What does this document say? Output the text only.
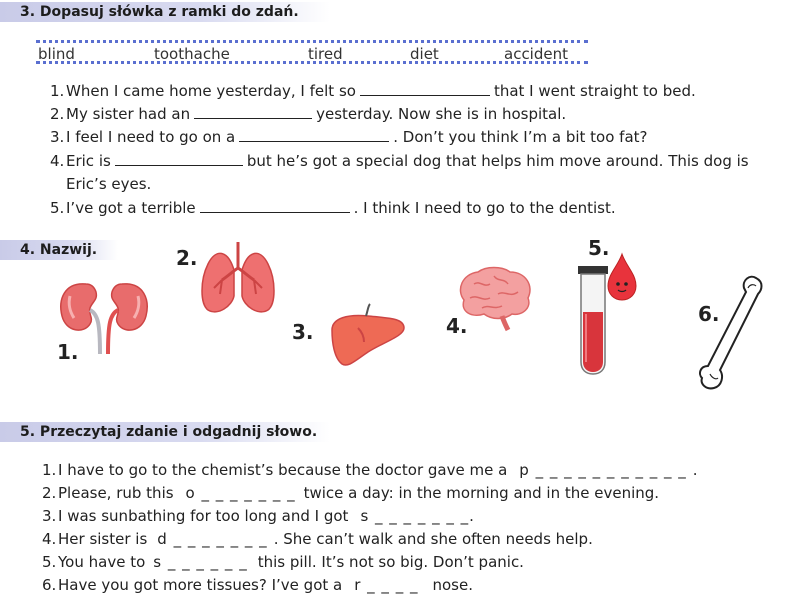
3. Dopasuj słówka z ramki do zdań.
blind	toothache	tired	diet	accident
1. When I came home yesterday, I felt so	that I went straight to bed.
2. My sister had an	yesterday. Now she is in hospital.
3. I feel I need to go on a	. Don’t you think I’m a bit too fat?
4. Eric is	but he’s got a special dog that helps him move around. This dog is
Eric’s eyes.
5. I’ve got a terrible	. I think I need to go to the dentist.
4. Nazwij.
1.
2.
3.	4.
5.
6.
5. Przeczytaj zdanie i odgadnij słowo.
1. I have to go to the chemist’s because the doctor gave me a p _ _ _ _ _ _ _ _ _ _ _ .
2. Please, rub this o _ _ _ _ _ _ _ twice a day: in the morning and in the evening.
3. I was sunbathing for too long and I got s _ _ _ _ _ _ _.
4. Her sister is d _ _ _ _ _ _ _ . She can’t walk and she often needs help.
5. You have to s _ _ _ _ _ _ this pill. It’s not so big. Don’t panic.
6. Have you got more tissues? I’ve got a r _ _ _ _ nose.
